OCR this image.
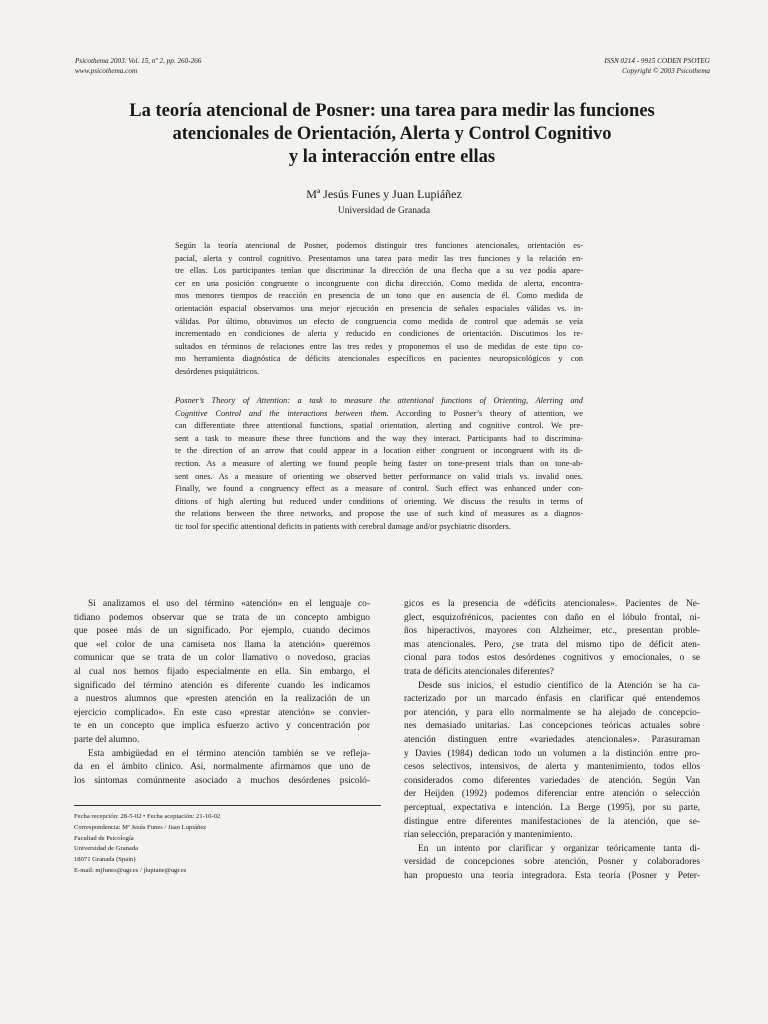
Psicothema 2003. Vol. 15, nº 2, pp. 260-266
www.psicothema.com
ISSN 0214 - 9915 CODEN PSOTEG
Copyright © 2003 Psicothema
La teoría atencional de Posner: una tarea para medir las funciones
atencionales de Orientación, Alerta y Control Cognitivo
y la interacción entre ellas
Mª Jesús Funes y Juan Lupiáñez
Universidad de Granada
Según la teoría atencional de Posner, podemos distinguir tres funciones atencionales, orientación es-
pacial, alerta y control cognitivo. Presentamos una tarea para medir las tres funciones y la relación en-
tre ellas. Los participantes tenían que discriminar la dirección de una flecha que a su vez podía apare-
cer en una posición congruente o incongruente con dicha dirección. Como medida de alerta, encontra-
mos menores tiempos de reacción en presencia de un tono que en ausencia de él. Como medida de
orientación espacial observamos una mejor ejecución en presencia de señales espaciales válidas vs. in-
válidas. Por último, obtuvimos un efecto de congruencia como medida de control que además se veía
incrementado en condiciones de alerta y reducido en condiciones de orientación. Discutimos los re-
sultados en términos de relaciones entre las tres redes y proponemos el uso de medidas de este tipo co-
mo herramienta diagnóstica de déficits atencionales específicos en pacientes neuropsicológicos y con
desórdenes psiquiátricos.
Posner’s Theory of Attention: a task to measure the attentional functions of Orienting, Alerting and
Cognitive Control and the interactions between them. According to Posner’s theory of attention, we
can differentiate three attentional functions, spatial orientation, alerting and cognitive control. We pre-
sent a task to measure these three functions and the way they interact. Participants had to discrimina-
te the direction of an arrow that could appear in a location either congruent or incongruent with its di-
rection. As a measure of alerting we found people being faster on tone-present trials than on tone-ab-
sent ones. As a measure of orienting we observed better performance on valid trials vs. invalid ones.
Finally, we found a congruency effect as a measure of control. Such effect was enhanced under con-
ditions of high alerting but reduced under conditions of orienting. We discuss the results in terms of
the relations between the three networks, and propose the use of such kind of measures as a diagnos-
tic tool for specific attentional deficits in patients with cerebral damage and/or psychiatric disorders.
Si analizamos el uso del término «atención» en el lenguaje co-
tidiano podemos observar que se trata de un concepto ambiguo
que posee más de un significado. Por ejemplo, cuando decimos
que «el color de una camiseta nos llama la atención» queremos
comunicar que se trata de un color llamativo o novedoso, gracias
al cual nos hemos fijado especialmente en ella. Sin embargo, el
significado del término atención es diferente cuando les indicamos
a nuestros alumnos que «presten atención en la realización de un
ejercicio complicado». En este caso «prestar atención» se convier-
te en un concepto que implica esfuerzo activo y concentración por
parte del alumno.
Esta ambigüedad en el término atención también se ve refleja-
da en el ámbito clínico. Así, normalmente afirmamos que uno de
los síntomas comúnmente asociado a muchos desórdenes psicoló-
gicos es la presencia de «déficits atencionales». Pacientes de Ne-
glect, esquizofrénicos, pacientes con daño en el lóbulo frontal, ni-
ños hiperactivos, mayores con Alzheimer, etc., presentan proble-
mas atencionales. Pero, ¿se trata del mismo tipo de déficit aten-
cional para todos estos desórdenes cognitivos y emocionales, o se
trata de déficits atencionales diferentes?
Desde sus inicios, el estudio científico de la Atención se ha ca-
racterizado por un marcado énfasis en clarificar qué entendemos
por atención, y para ello normalmente se ha alejado de concepcio-
nes demasiado unitarias. Las concepciones teóricas actuales sobre
atención distinguen entre «variedades atencionales». Parasuraman
y Davies (1984) dedican todo un volumen a la distinción entre pro-
cesos selectivos, intensivos, de alerta y mantenimiento, todos ellos
considerados como diferentes variedades de atención. Según Van
der Heijden (1992) podemos diferenciar entre atención o selección
perceptual, expectativa e intención. La Berge (1995), por su parte,
distingue entre diferentes manifestaciones de la atención, que se-
rían selección, preparación y mantenimiento.
En un intento por clarificar y organizar teóricamente tanta di-
versidad de concepciones sobre atención, Posner y colaboradores
han propuesto una teoría integradora. Esta teoría (Posner y Peter-
Fecha recepción: 28-5-02 • Fecha aceptación: 21-10-02
Correspondencia: Mª Jesús Funes / Juan Lupiáñez
Facultad de Psicología
Universidad de Granada
18071 Granada (Spain)
E-mail: mjfunes@ugr.es / jlupiane@ugr.es
